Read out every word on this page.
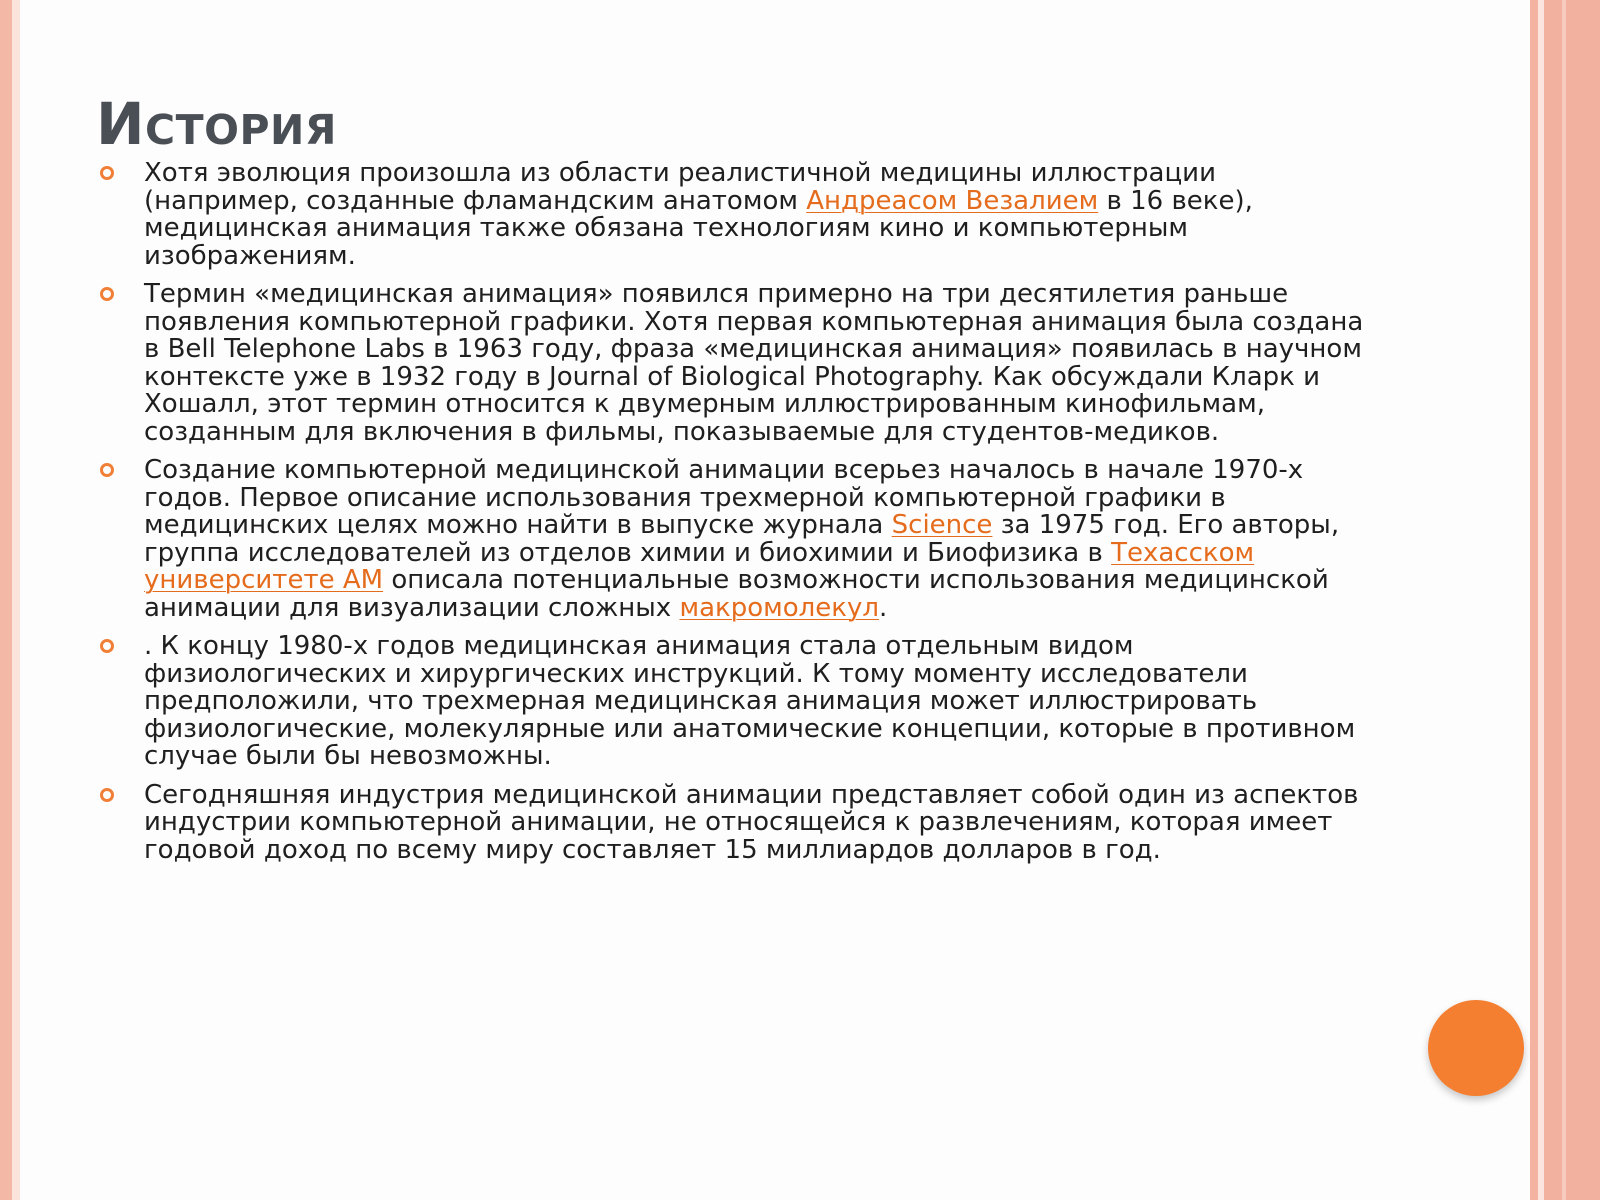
История
Хотя эволюция произошла из области реалистичной медицины иллюстрации (например, созданные фламандским анатомом Андреасом Везалием в 16 веке), медицинская анимация также обязана технологиям кино и компьютерным изображениям.
Термин «медицинская анимация» появился примерно на три десятилетия раньше появления компьютерной графики. Хотя первая компьютерная анимация была создана в Bell Telephone Labs в 1963 году, фраза «медицинская анимация» появилась в научном контексте уже в 1932 году в Journal of Biological Photography. Как обсуждали Кларк и Хошалл, этот термин относится к двумерным иллюстрированным кинофильмам, созданным для включения в фильмы, показываемые для студентов-медиков.
Создание компьютерной медицинской анимации всерьез началось в начале 1970-х годов. Первое описание использования трехмерной компьютерной графики в медицинских целях можно найти в выпуске журнала Science за 1975 год. Его авторы, группа исследователей из отделов химии и биохимии и Биофизика в Техасском университете AM описала потенциальные возможности использования медицинской анимации для визуализации сложных макромолекул.
. К концу 1980-х годов медицинская анимация стала отдельным видом физиологических и хирургических инструкций. К тому моменту исследователи предположили, что трехмерная медицинская анимация может иллюстрировать физиологические, молекулярные или анатомические концепции, которые в противном случае были бы невозможны.
Сегодняшняя индустрия медицинской анимации представляет собой один из аспектов индустрии компьютерной анимации, не относящейся к развлечениям, которая имеет годовой доход по всему миру составляет 15 миллиардов долларов в год.
